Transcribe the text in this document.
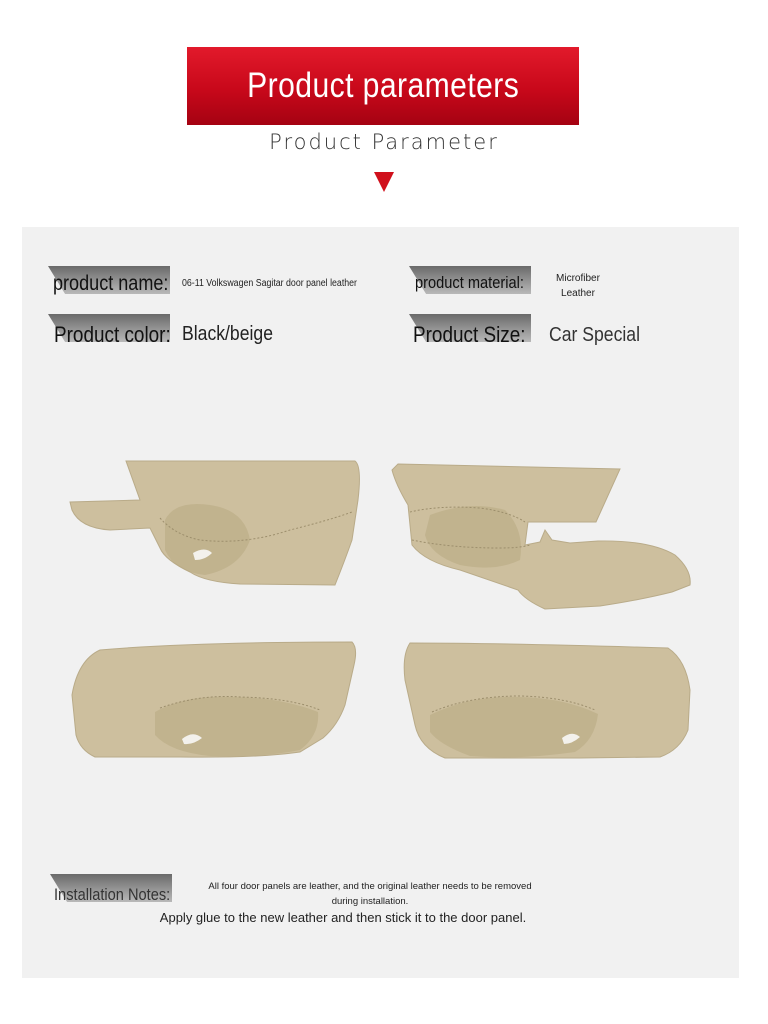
Product parameters
Product Parameter
product name: 06-11 Volkswagen Sagitar door panel leather	product material:	Microfiber
Leather
Product color: Black/beige	Product Size: Car Special
Installation Notes:	All four door panels are leather, and the original leather needs to be removed during installation.
Apply glue to the new leather and then stick it to the door panel.
